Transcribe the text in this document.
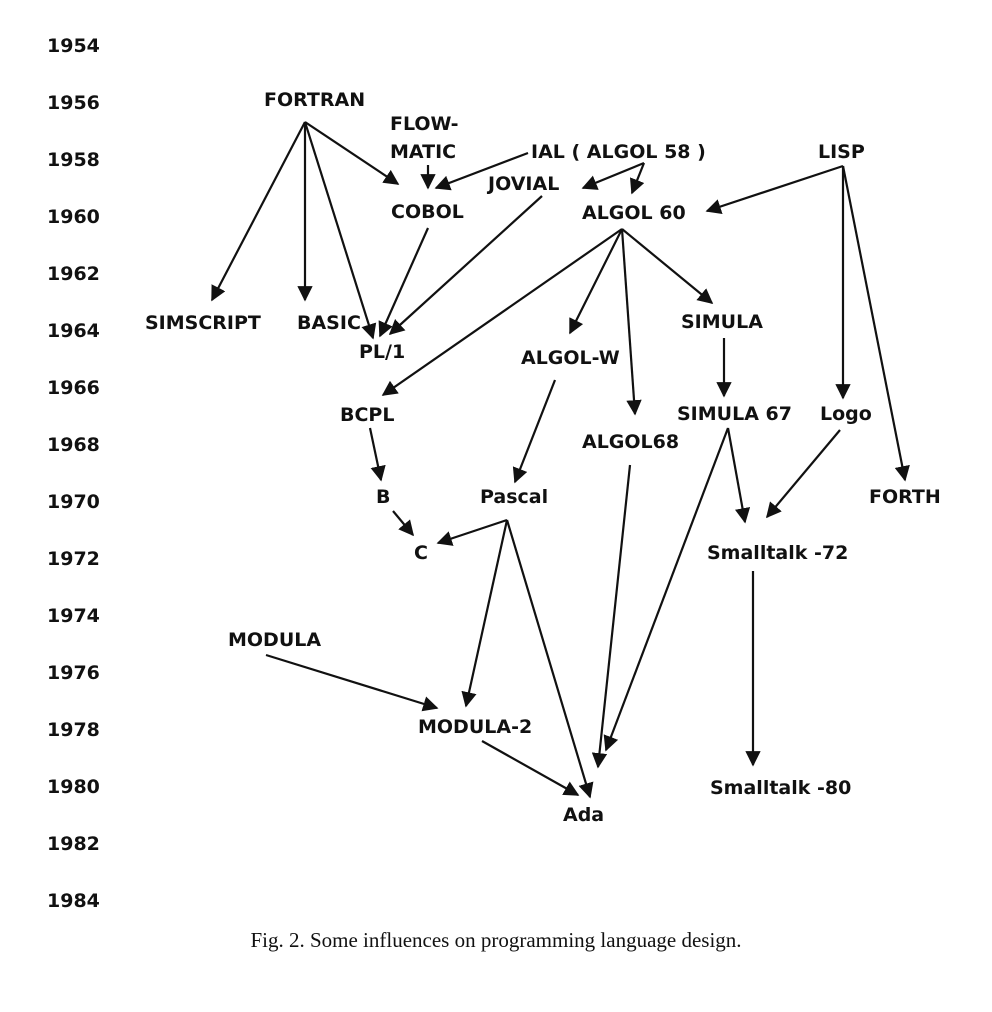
1954
1956
1958
1960
1962
1964
1966
1968
1970
1972
1974
1976
1978
1980
1982
1984
FORTRAN
FLOW-
MATIC	IAL ( ALGOL 58 )	LISP
JOVIAL
COBOL	ALGOL 60
SIMSCRIPT BASIC
PL/1	ALGOL-W
SIMULA
BCPL	SIMULA 67 Logo
ALGOL68
B	Pascal	FORTH
C	Smalltalk -72
MODULA
MODULA-2
Smalltalk -80
Ada
Fig. 2. Some influences on programming language design.
